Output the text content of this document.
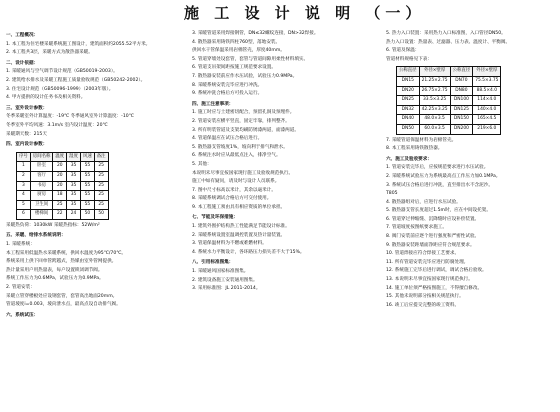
施 工 设 计 说 明 （一）
一、工程概况：
1. 本工程为住宅楼采暖系统施工图设计，建筑面积约2055.52平方米。
2. 本工程共3层，采暖方式为散热器采暖。
二、设计依据：
1. 采暖通风与空气调节设计规范（GB50019-2003）。
2. 建筑给水排水及采暖工程施工质量验收规范（GB50242-2002）。
3. 住宅设计规范（GB50096-1999）（2003年版）。
4. 甲方提供的设计任务书及相关资料。
三、室外设计参数：
冬季采暖室外计算温度：-19℃ 冬季通风室外计算温度：-10℃
冬季室外平均风速：3.1m/s 室内设计温度：20℃
采暖期天数：215天
四、室内设计参数：
序号	房间名称	温度	湿度	风速	备注
1	卧室	20	35	55	25
2	客厅	20	35	55	25
3	书房	20	35	55	25
4	厨房	18	35	55	25
5	卫生间	25	35	55	25
6	楼梯间	22	24	50	50
采暖热负荷：1030kW 采暖热指标：52W/m²
五、采暖、给排水系统说明：
1. 采暖系统：
本工程采用低温热水采暖系统，供回水温度为95℃/70℃。
系统采用上供下回单管跨越式，热媒由室外管网提供。
热计量采用户用热量表，每户设置锁闭调节阀。
系统工作压力为0.6MPa，试验压力为0.9MPa。
2. 管道安装：
采暖立管穿楼板处应设钢套管，套管高出地面20mm。
管道坡度i=0.003，坡向泄水点，最高点设自动排气阀。
六、系统试压：
3. 采暖管道采用焊接钢管，DN≤32螺纹连接，DN>32焊接。
4. 散热器采用铸铁四柱760型，落地安装。
供回水干管保温采用岩棉管壳，厚度40mm。
5. 管道穿墙处设套管，套管与管道间隙用柔性材料填实。
6. 管道支吊架间距按施工规范要求设置。
7. 散热器安装前应作水压试验，试验压力0.9MPa。
8. 采暖系统安装完毕应进行冲洗。
9. 系统冲洗合格后方可投入运行。
四、施工注意事项：
1. 施工时应与土建密切配合，预留孔洞及预埋件。
2. 管道安装应横平竖直，固定牢靠，排列整齐。
3. 所有明装管道及支架均刷防锈漆两道，面漆两道。
4. 管道保温应在试压合格后进行。
5. 散热器支管坡度1%，坡向利于排气和泄水。
6. 系统注水时应从最低点注入，排净空气。
5. 其他：
本说明未尽事宜按国家现行施工及验收规范执行。
施工中如有疑问，请及时与设计人员联系。
7. 图中尺寸标高以米计，其余以毫米计。
8. 采暖系统调试合格后方可交付使用。
9. 本工程施工须由具有相应资质的单位承担。
七、节能及环保措施：
1. 建筑外围护结构热工性能满足节能设计标准。
2. 采暖系统设置室温调控装置及热计量装置。
3. 管道保温材料为不燃或难燃材料。
4. 系统水力平衡设计，各环路压力损失差不大于15%。
八、引用标准图集：
1. 采暖通风国家标准图集。
2. 建筑设备施工安装通用图集。
3. 采用标准图：JL 2011-2014。
5. 热力入口装置：采用热力入口标准图，入口管径DN50。
热力入口设置：热量表、过滤器、压力表、温度计、平衡阀。
6. 管道及保温：
管道材料规格见下表：
公称直径	外径×壁厚	公称直径	外径×壁厚
DN15	21.25×2.75	DN70	75.5×3.75
DN20	26.75×2.75	DN80	88.5×4.0
DN25	33.5×3.25	DN100	114×4.0
DN32	42.25×3.25	DN125	140×4.0
DN40	48.0×3.5	DN150	165×4.5
DN50	60.0×3.5	DN200	219×6.0
7. 采暖管道保温材料为岩棉管壳。
8. 本工程采用铸铁散热器。
六、施工及验收要求：
1. 管道安装完毕后，应按规范要求进行水压试验。
2. 采暖系统试验压力为系统最高点工作压力加0.1MPa。
3. 系统试压合格后进行冲洗，直至排出水不含泥沙。
T805
4. 散热器组对后，应进行水压试验。
5. 散热器支管长度超过1.5m时，应在中间设托架。
6. 管道穿过伸缩缝、沉降缝时应设补偿装置。
7. 管道坡度按图纸要求施工。
8. 阀门安装前应逐个进行强度和严密性试验。
9. 散热器安装距墙面净距应符合规范要求。
10. 管道焊接应符合焊接工艺要求。
11. 所有管道安装完毕应进行防腐处理。
12. 系统施工完毕后进行调试，调试合格后验收。
13. 本说明未尽事宜按国家现行规范执行。
14. 施工单位须严格按图施工，不得擅自修改。
15. 其他未说明部分按相关规范执行。
16. 竣工后应提交完整的竣工资料。
